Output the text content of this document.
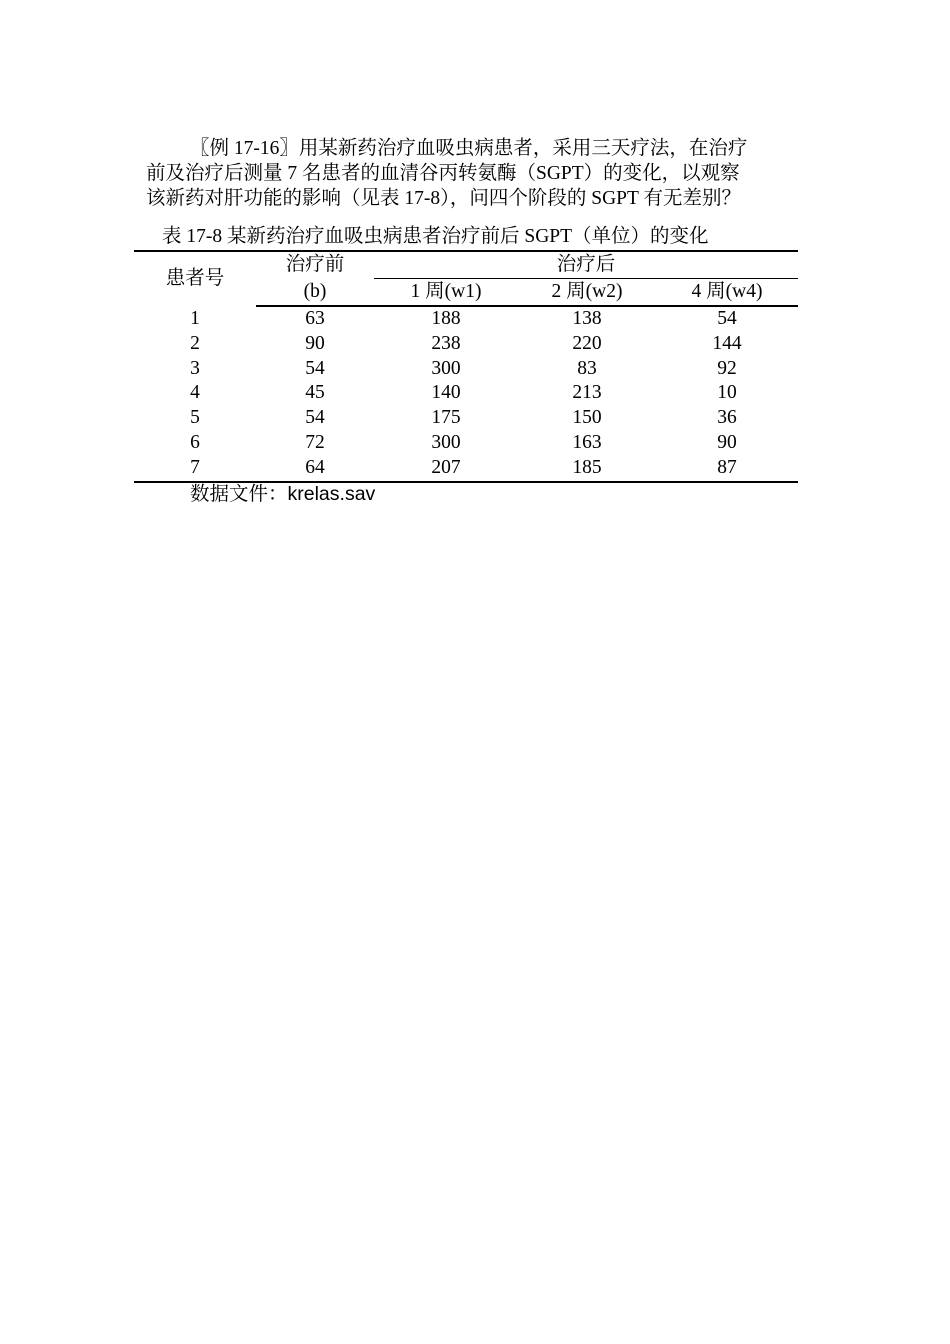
〖例 17-16〗用某新药治疗血吸虫病患者，采用三天疗法，在治疗
前及治疗后测量 7 名患者的血清谷丙转氨酶（SGPT）的变化，以观察
该新药对肝功能的影响（见表 17-8），问四个阶段的 SGPT 有无差别？
表 17-8 某新药治疗血吸虫病患者治疗前后 SGPT（单位）的变化
患者号	治疗前	治疗后		
	(b)	1 周(w1)	2 周(w2)	4 周(w4)
1	63	188	138	54
2	90	238	220	144
3	54	300	83	92
4	45	140	213	10
5	54	175	150	36
6	72	300	163	90
7	64	207	185	87
数据文件：krelas.sav
